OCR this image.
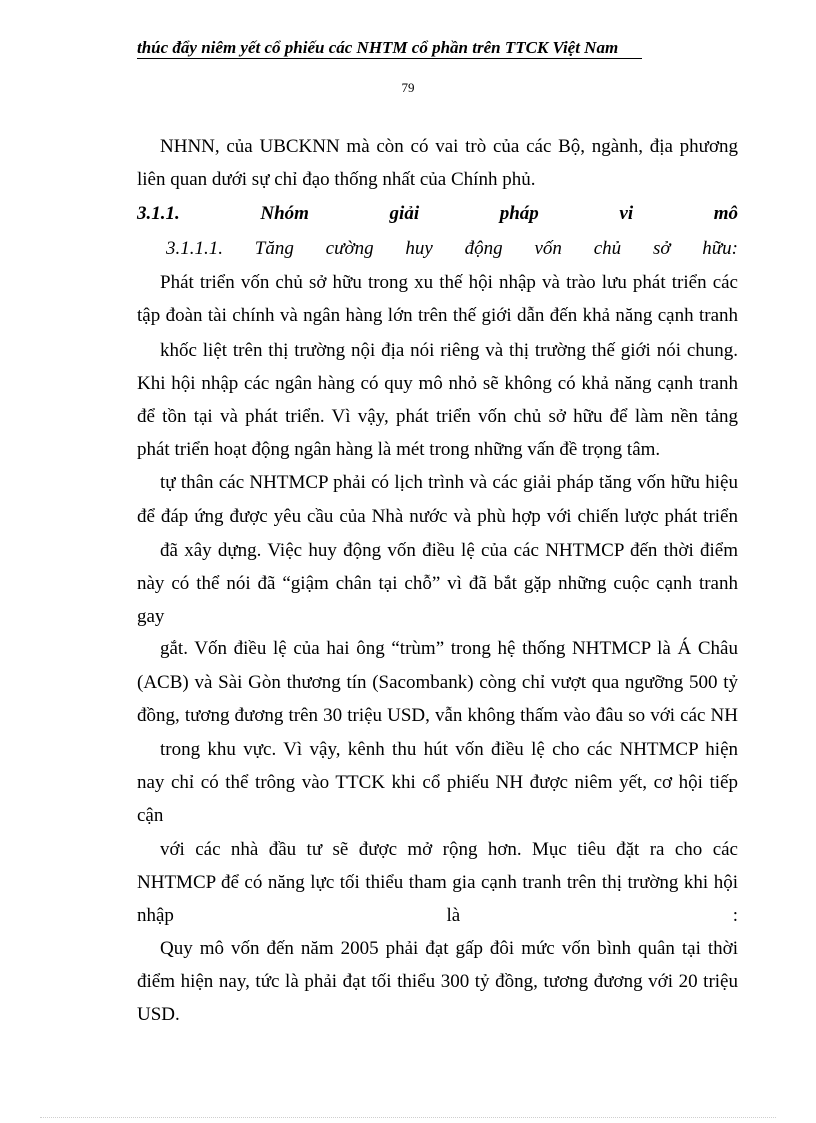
thúc đẩy niêm yết cổ phiếu các NHTM cổ phần trên TTCK Việt Nam
79
NHNN, của UBCKNN mà còn có vai trò của các Bộ, ngành, địa phương
liên quan dưới sự chỉ đạo thống nhất của Chính phủ.
3.1.1. Nhóm giải pháp vi mô
3.1.1.1. Tăng cường huy động vốn chủ sở hữu:
Phát triển vốn chủ sở hữu trong xu thế hội nhập và trào lưu phát triển các
tập đoàn tài chính và ngân hàng lớn trên thế giới dẫn đến khả năng cạnh tranh
khốc liệt trên thị trường nội địa nói riêng và thị trường thế giới nói chung.
Khi hội nhập các ngân hàng có quy mô nhỏ sẽ không có khả năng cạnh tranh
để tồn tại và phát triển. Vì vậy, phát triển vốn chủ sở hữu để làm nền tảng
phát triển hoạt động ngân hàng là mét trong những vấn đề trọng tâm.
tự thân các NHTMCP phải có lịch trình và các giải pháp tăng vốn hữu hiệu
để đáp ứng được yêu cầu của Nhà nước và phù hợp với chiến lược phát triển
đã xây dựng. Việc huy động vốn điều lệ của các NHTMCP đến thời điểm
này có thể nói đã “giậm chân tại chỗ” vì đã bắt gặp những cuộc cạnh tranh
gay
gắt. Vốn điều lệ của hai ông “trùm” trong hệ thống NHTMCP là Á Châu
(ACB) và Sài Gòn thương tín (Sacombank) còng chỉ vượt qua ngưỡng 500 tỷ
đồng, tương đương trên 30 triệu USD, vẫn không thấm vào đâu so với các NH
trong khu vực. Vì vậy, kênh thu hút vốn điều lệ cho các NHTMCP hiện
nay chỉ có thể trông vào TTCK khi cổ phiếu NH được niêm yết, cơ hội tiếp
cận
với các nhà đầu tư sẽ được mở rộng hơn. Mục tiêu đặt ra cho các
NHTMCP để có năng lực tối thiểu tham gia cạnh tranh trên thị trường khi hội
nhập là :
Quy mô vốn đến năm 2005 phải đạt gấp đôi mức vốn bình quân tại thời
điểm hiện nay, tức là phải đạt tối thiểu 300 tỷ đồng, tương đương với 20 triệu
USD.
